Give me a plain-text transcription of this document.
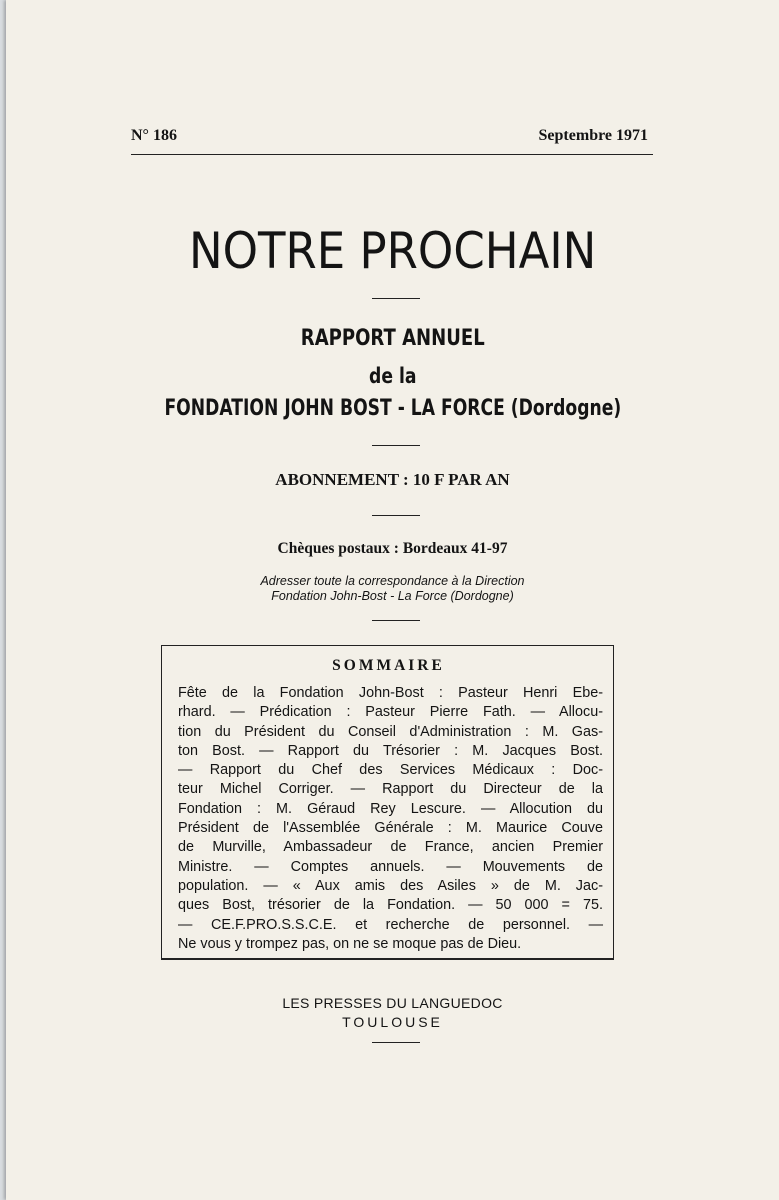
N° 186	Septembre 1971
NOTRE PROCHAIN
RAPPORT ANNUEL
de la
FONDATION JOHN BOST - LA FORCE (Dordogne)
ABONNEMENT : 10 F PAR AN
Chèques postaux : Bordeaux 41-97
Adresser toute la correspondance à la Direction
Fondation John-Bost - La Force (Dordogne)
SOMMAIRE
Fête de la Fondation John-Bost : Pasteur Henri Ebe-
rhard. — Prédication : Pasteur Pierre Fath. — Allocu-
tion du Président du Conseil d'Administration : M. Gas-
ton Bost. — Rapport du Trésorier : M. Jacques Bost.
— Rapport du Chef des Services Médicaux : Doc-
teur Michel Corriger. — Rapport du Directeur de la
Fondation : M. Géraud Rey Lescure. — Allocution du
Président de l'Assemblée Générale : M. Maurice Couve
de Murville, Ambassadeur de France, ancien Premier
Ministre. — Comptes annuels. — Mouvements de
population. — « Aux amis des Asiles » de M. Jac-
ques Bost, trésorier de la Fondation. — 50 000 = 75.
— CE.F.PRO.S.S.C.E. et recherche de personnel. —
Ne vous y trompez pas, on ne se moque pas de Dieu.
LES PRESSES DU LANGUEDOC
TOULOUSE
